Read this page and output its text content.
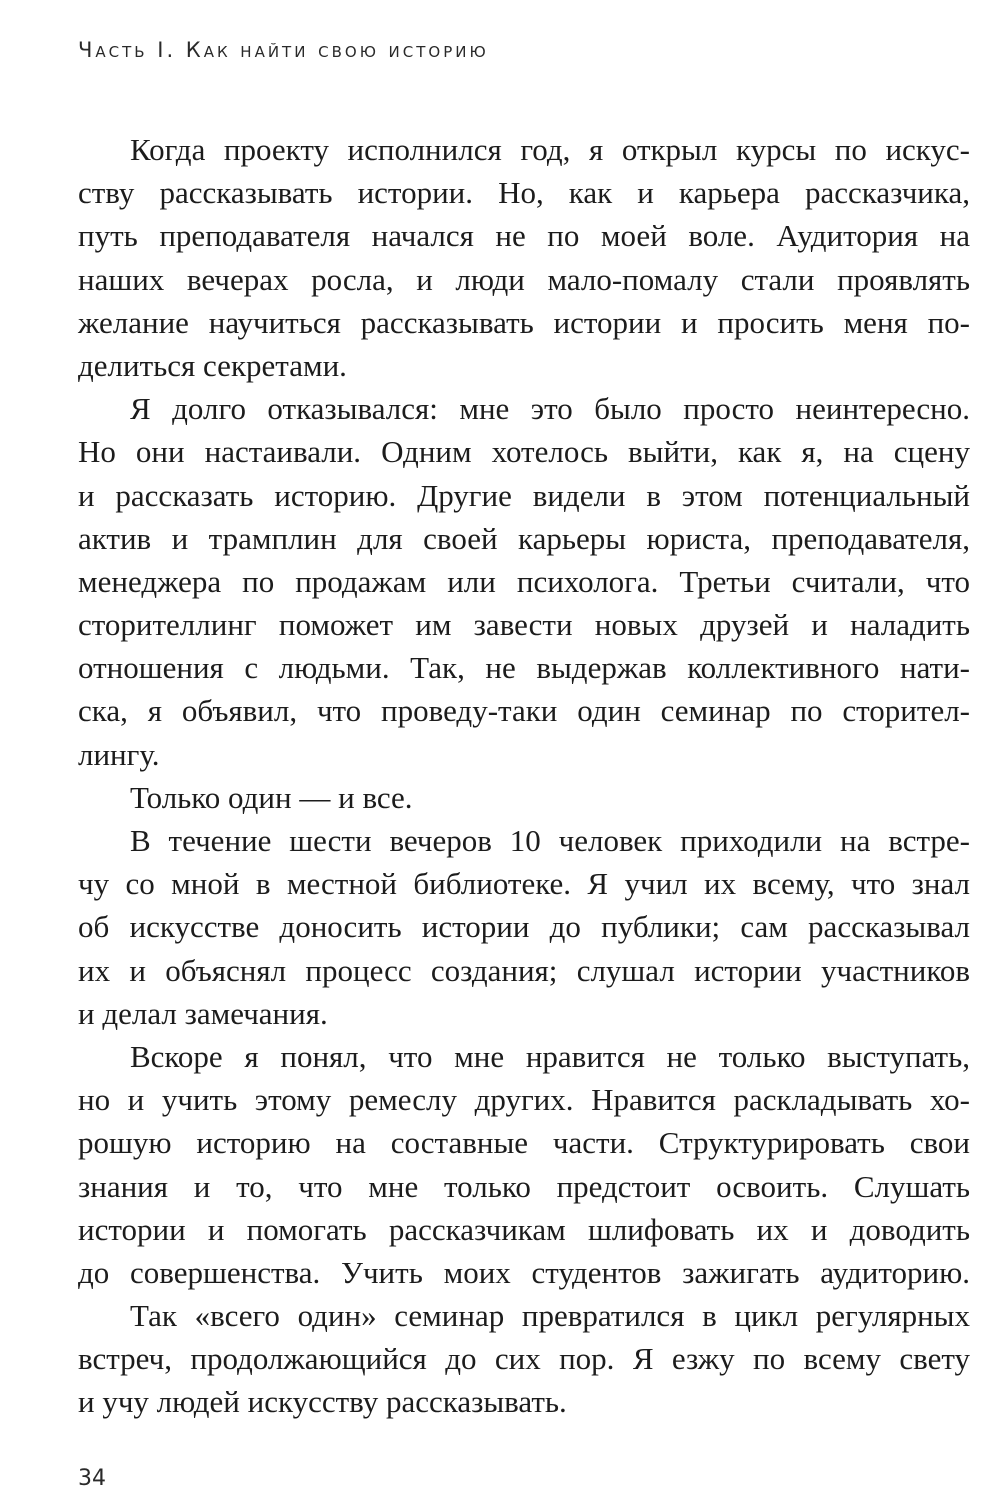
Часть I. Как найти свою историю
Когда проекту исполнился год, я открыл курсы по искус-
ству рассказывать истории. Но, как и карьера рассказчика,
путь преподавателя начался не по моей воле. Аудитория на
наших вечерах росла, и люди мало-помалу стали проявлять
желание научиться рассказывать истории и просить меня по-
делиться секретами.
Я долго отказывался: мне это было просто неинтересно.
Но они настаивали. Одним хотелось выйти, как я, на сцену
и рассказать историю. Другие видели в этом потенциальный
актив и трамплин для своей карьеры юриста, преподавателя,
менеджера по продажам или психолога. Третьи считали, что
сторителлинг поможет им завести новых друзей и наладить
отношения с людьми. Так, не выдержав коллективного нати-
ска, я объявил, что проведу-таки один семинар по сторител-
лингу.
Только один — и все.
В течение шести вечеров 10 человек приходили на встре-
чу со мной в местной библиотеке. Я учил их всему, что знал
об искусстве доносить истории до публики; сам рассказывал
их и объяснял процесс создания; слушал истории участников
и делал замечания.
Вскоре я понял, что мне нравится не только выступать,
но и учить этому ремеслу других. Нравится раскладывать хо-
рошую историю на составные части. Структурировать свои
знания и то, что мне только предстоит освоить. Слушать
истории и помогать рассказчикам шлифовать их и доводить
до совершенства. Учить моих студентов зажигать аудиторию.
Так «всего один» семинар превратился в цикл регулярных
встреч, продолжающийся до сих пор. Я езжу по всему свету
и учу людей искусству рассказывать.
34
